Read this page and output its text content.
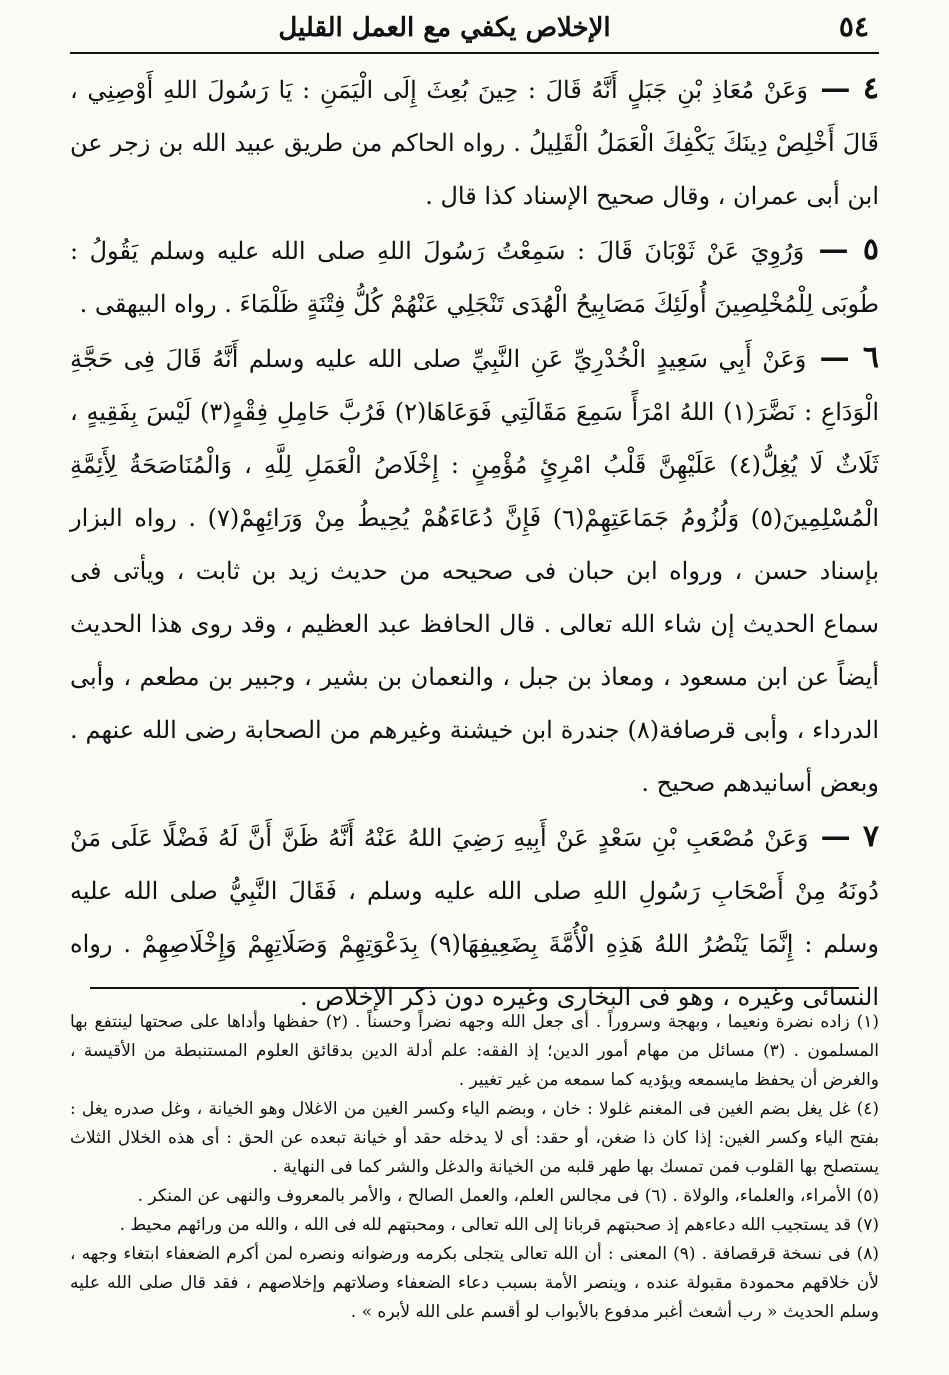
٥٤
الإخلاص يكفي مع العمل القليل

٤ — وَعَنْ مُعَاذِ بْنِ جَبَلٍ أَنَّهُ قَالَ : حِينَ بُعِثَ إِلَى الْيَمَنِ : يَا رَسُولَ اللهِ أَوْصِنِي ، قَالَ أَخْلِصْ دِينَكَ يَكْفِكَ الْعَمَلُ الْقَلِيلُ . رواه الحاكم من طريق عبيد الله بن زجر عن ابن أبى عمران ، وقال صحيح الإسناد كذا قال .

٥ — وَرُوِيَ عَنْ ثَوْبَانَ قَالَ : سَمِعْتُ رَسُولَ اللهِ صلى الله عليه وسلم يَقُولُ : طُوبَى لِلْمُخْلِصِينَ أُولَئِكَ مَصَابِيحُ الْهُدَى تَنْجَلِي عَنْهُمْ كُلُّ فِتْنَةٍ ظَلْمَاءَ . رواه البيهقى .

٦ — وَعَنْ أَبِي سَعِيدٍ الْخُدْرِيِّ عَنِ النَّبِيِّ صلى الله عليه وسلم أَنَّهُ قَالَ فِى حَجَّةِ الْوَدَاعِ : نَضَّرَ(١) اللهُ امْرَأً سَمِعَ مَقَالَتِي فَوَعَاهَا(٢) فَرُبَّ حَامِلِ فِقْهٍ(٣) لَيْسَ بِفَقِيهٍ ، ثَلَاثٌ لَا يُغِلُّ(٤) عَلَيْهِنَّ قَلْبُ امْرِئٍ مُؤْمِنٍ : إِخْلَاصُ الْعَمَلِ لِلَّهِ ، وَالْمُنَاصَحَةُ لِأَئِمَّةِ الْمُسْلِمِينَ(٥) وَلُزُومُ جَمَاعَتِهِمْ(٦) فَإِنَّ دُعَاءَهُمْ يُحِيطُ مِنْ وَرَائِهِمْ(٧) . رواه البزار بإسناد حسن ، ورواه ابن حبان فى صحيحه من حديث زيد بن ثابت ، ويأتى فى سماع الحديث إن شاء الله تعالى . قال الحافظ عبد العظيم ، وقد روى هذا الحديث أيضاً عن ابن مسعود ، ومعاذ بن جبل ، والنعمان بن بشير ، وجبير بن مطعم ، وأبى الدرداء ، وأبى قرصافة(٨) جندرة ابن خيشنة وغيرهم من الصحابة رضى الله عنهم . وبعض أسانيدهم صحيح .

٧ — وَعَنْ مُصْعَبِ بْنِ سَعْدٍ عَنْ أَبِيهِ رَضِيَ اللهُ عَنْهُ أَنَّهُ ظَنَّ أَنَّ لَهُ فَضْلًا عَلَى مَنْ دُونَهُ مِنْ أَصْحَابِ رَسُولِ اللهِ صلى الله عليه وسلم ، فَقَالَ النَّبِيُّ صلى الله عليه وسلم : إِنَّمَا يَنْصُرُ اللهُ هَذِهِ الْأُمَّةَ بِضَعِيفِهَا(٩) بِدَعْوَتِهِمْ وَصَلَاتِهِمْ وَإِخْلَاصِهِمْ . رواه النسائى وغيره ، وهو فى البخارى وغيره دون ذكر الإخلاص .

(١) زاده نضرة ونعيما ، وبهجة وسروراً . أى جعل الله وجهه نضراً وحسناً . (٢) حفظها وأداها على صحتها لينتفع بها المسلمون . (٣) مسائل من مهام أمور الدين؛ إذ الفقه: علم أدلة الدين بدقائق العلوم المستنبطة من الأقيسة ، والغرض أن يحفظ مايسمعه ويؤديه كما سمعه من غير تغيير .

(٤) غل يغل بضم الغين فى المغنم غلولا : خان ، وبضم الياء وكسر الغين من الاغلال وهو الخيانة ، وغل صدره يغل : بفتح الياء وكسر الغين: إذا كان ذا ضغن، أو حقد: أى لا يدخله حقد أو خيانة تبعده عن الحق : أى هذه الخلال الثلاث يستصلح بها القلوب فمن تمسك بها طهر قلبه من الخيانة والدغل والشر كما فى النهاية .

(٥) الأمراء، والعلماء، والولاة . (٦) فى مجالس العلم، والعمل الصالح ، والأمر بالمعروف والنهى عن المنكر .

(٧) قد يستجيب الله دعاءهم إذ صحبتهم قربانا إلى الله تعالى ، ومحبتهم لله فى الله ، والله من ورائهم محيط .

(٨) فى نسخة قرقصافة . (٩) المعنى : أن الله تعالى يتجلى بكرمه ورضوانه ونصره لمن أكرم الضعفاء ابتغاء وجهه ، لأن خلاقهم محمودة مقبولة عنده ، وينصر الأمة بسبب دعاء الضعفاء وصلاتهم وإخلاصهم ، فقد قال صلى الله عليه وسلم الحديث « رب أشعث أغبر مدفوع بالأبواب لو أقسم على الله لأبره » .
